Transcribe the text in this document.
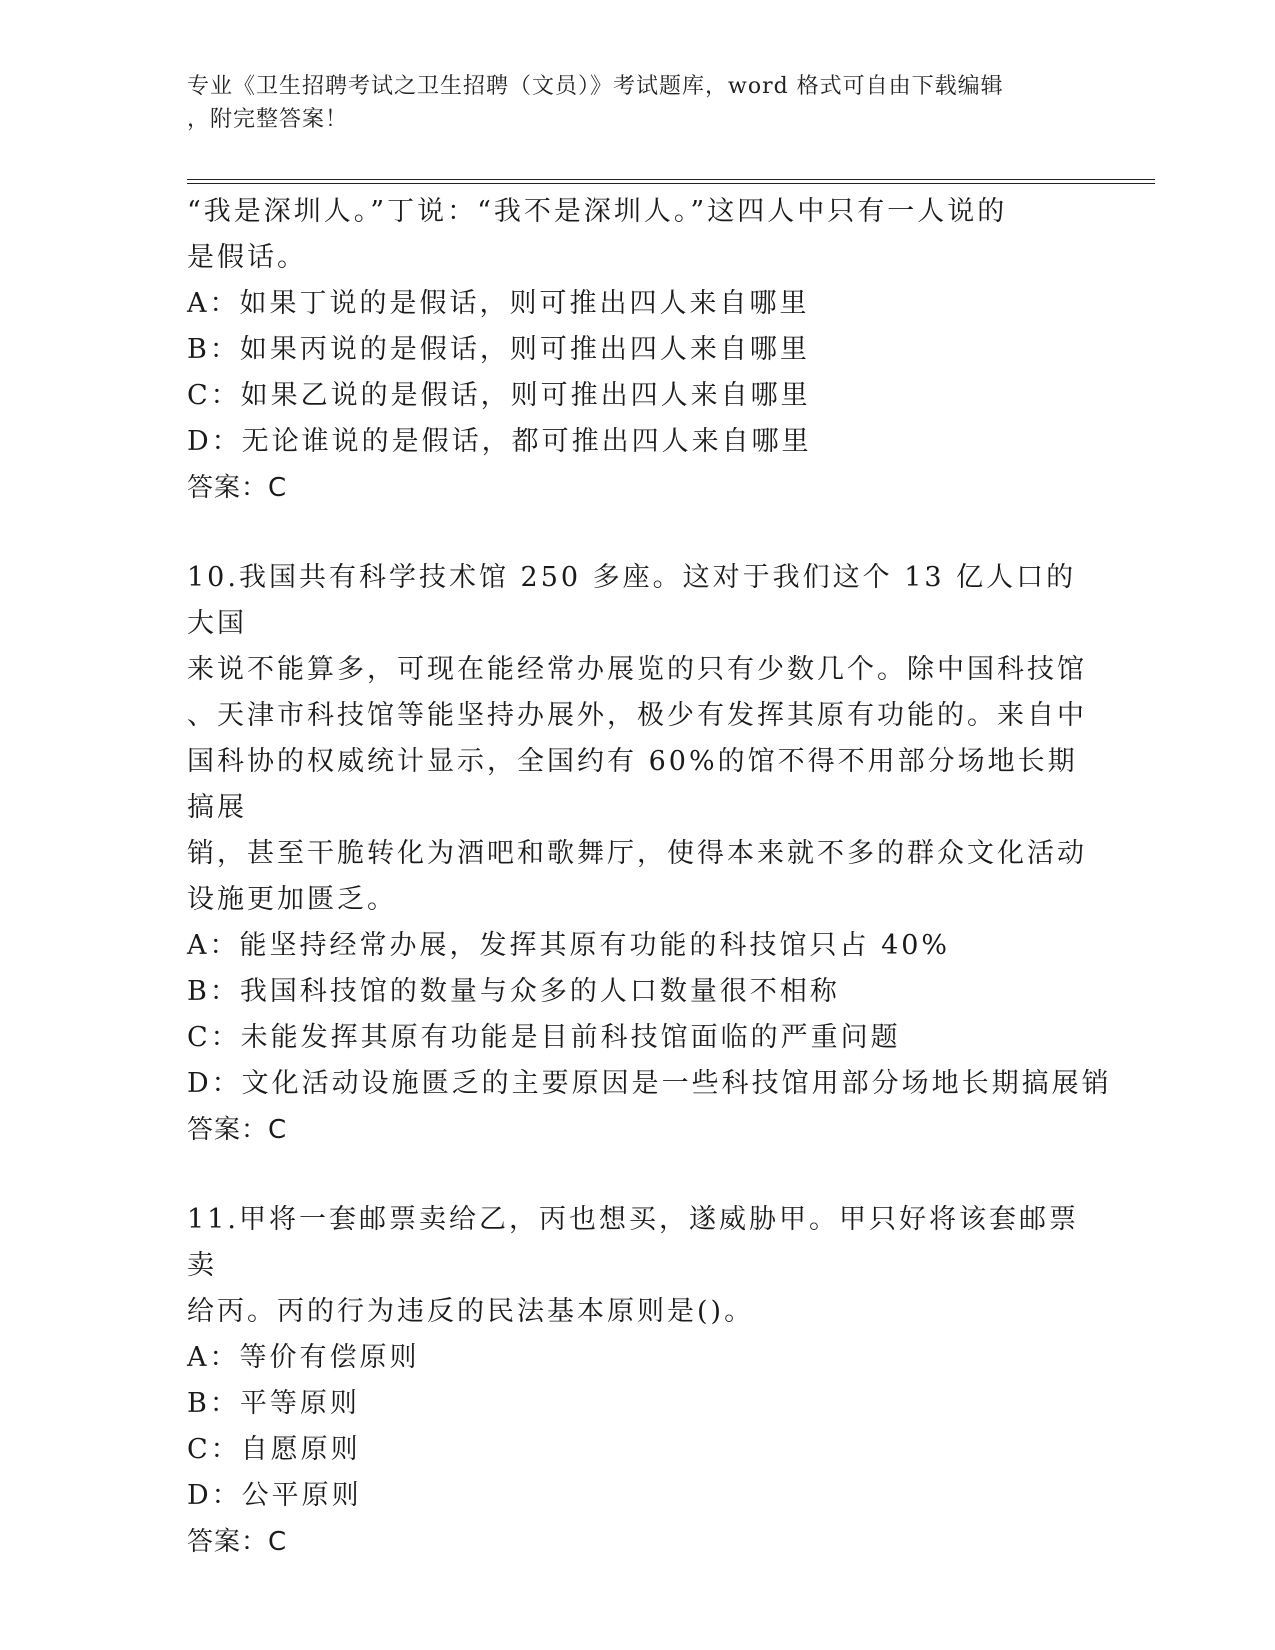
专业《卫生招聘考试之卫生招聘（文员）》考试题库，word 格式可自由下载编辑
，附完整答案！

“我是深圳人。”丁说：“我不是深圳人。”这四人中只有一人说的

是假话。

A：如果丁说的是假话，则可推出四人来自哪里

B：如果丙说的是假话，则可推出四人来自哪里

C：如果乙说的是假话，则可推出四人来自哪里

D：无论谁说的是假话，都可推出四人来自哪里

答案：C

10.我国共有科学技术馆 250 多座。这对于我们这个 13 亿人口的大国

来说不能算多，可现在能经常办展览的只有少数几个。除中国科技馆

、天津市科技馆等能坚持办展外，极少有发挥其原有功能的。来自中

国科协的权威统计显示，全国约有 60%的馆不得不用部分场地长期搞展

销，甚至干脆转化为酒吧和歌舞厅，使得本来就不多的群众文化活动

设施更加匮乏。

A：能坚持经常办展，发挥其原有功能的科技馆只占 40%

B：我国科技馆的数量与众多的人口数量很不相称

C：未能发挥其原有功能是目前科技馆面临的严重问题

D：文化活动设施匮乏的主要原因是一些科技馆用部分场地长期搞展销

答案：C

11.甲将一套邮票卖给乙，丙也想买，遂威胁甲。甲只好将该套邮票卖

给丙。丙的行为违反的民法基本原则是()。

A：等价有偿原则

B：平等原则

C：自愿原则

D：公平原则

答案：C
